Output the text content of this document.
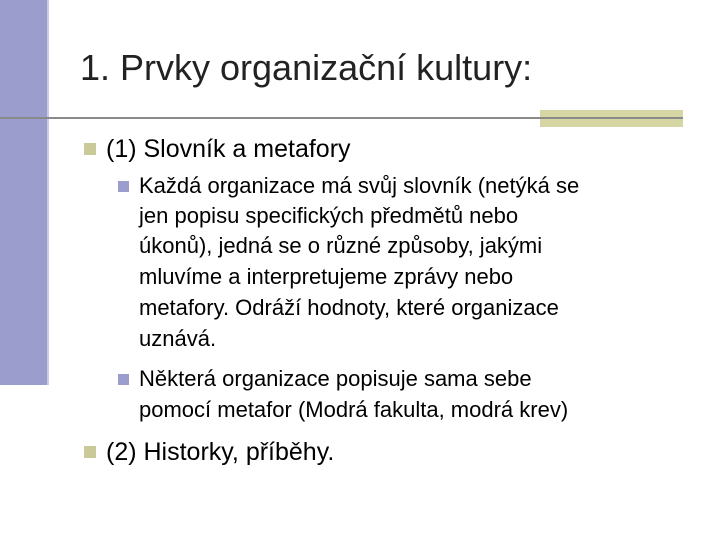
1. Prvky organizační kultury:
(1) Slovník a metafory
Každá organizace má svůj slovník (netýká se
jen popisu specifických předmětů nebo
úkonů), jedná se o různé způsoby, jakými
mluvíme a interpretujeme zprávy nebo
metafory. Odráží hodnoty, které organizace
uznává.
Některá organizace popisuje sama sebe
pomocí metafor (Modrá fakulta, modrá krev)
(2) Historky, příběhy.
